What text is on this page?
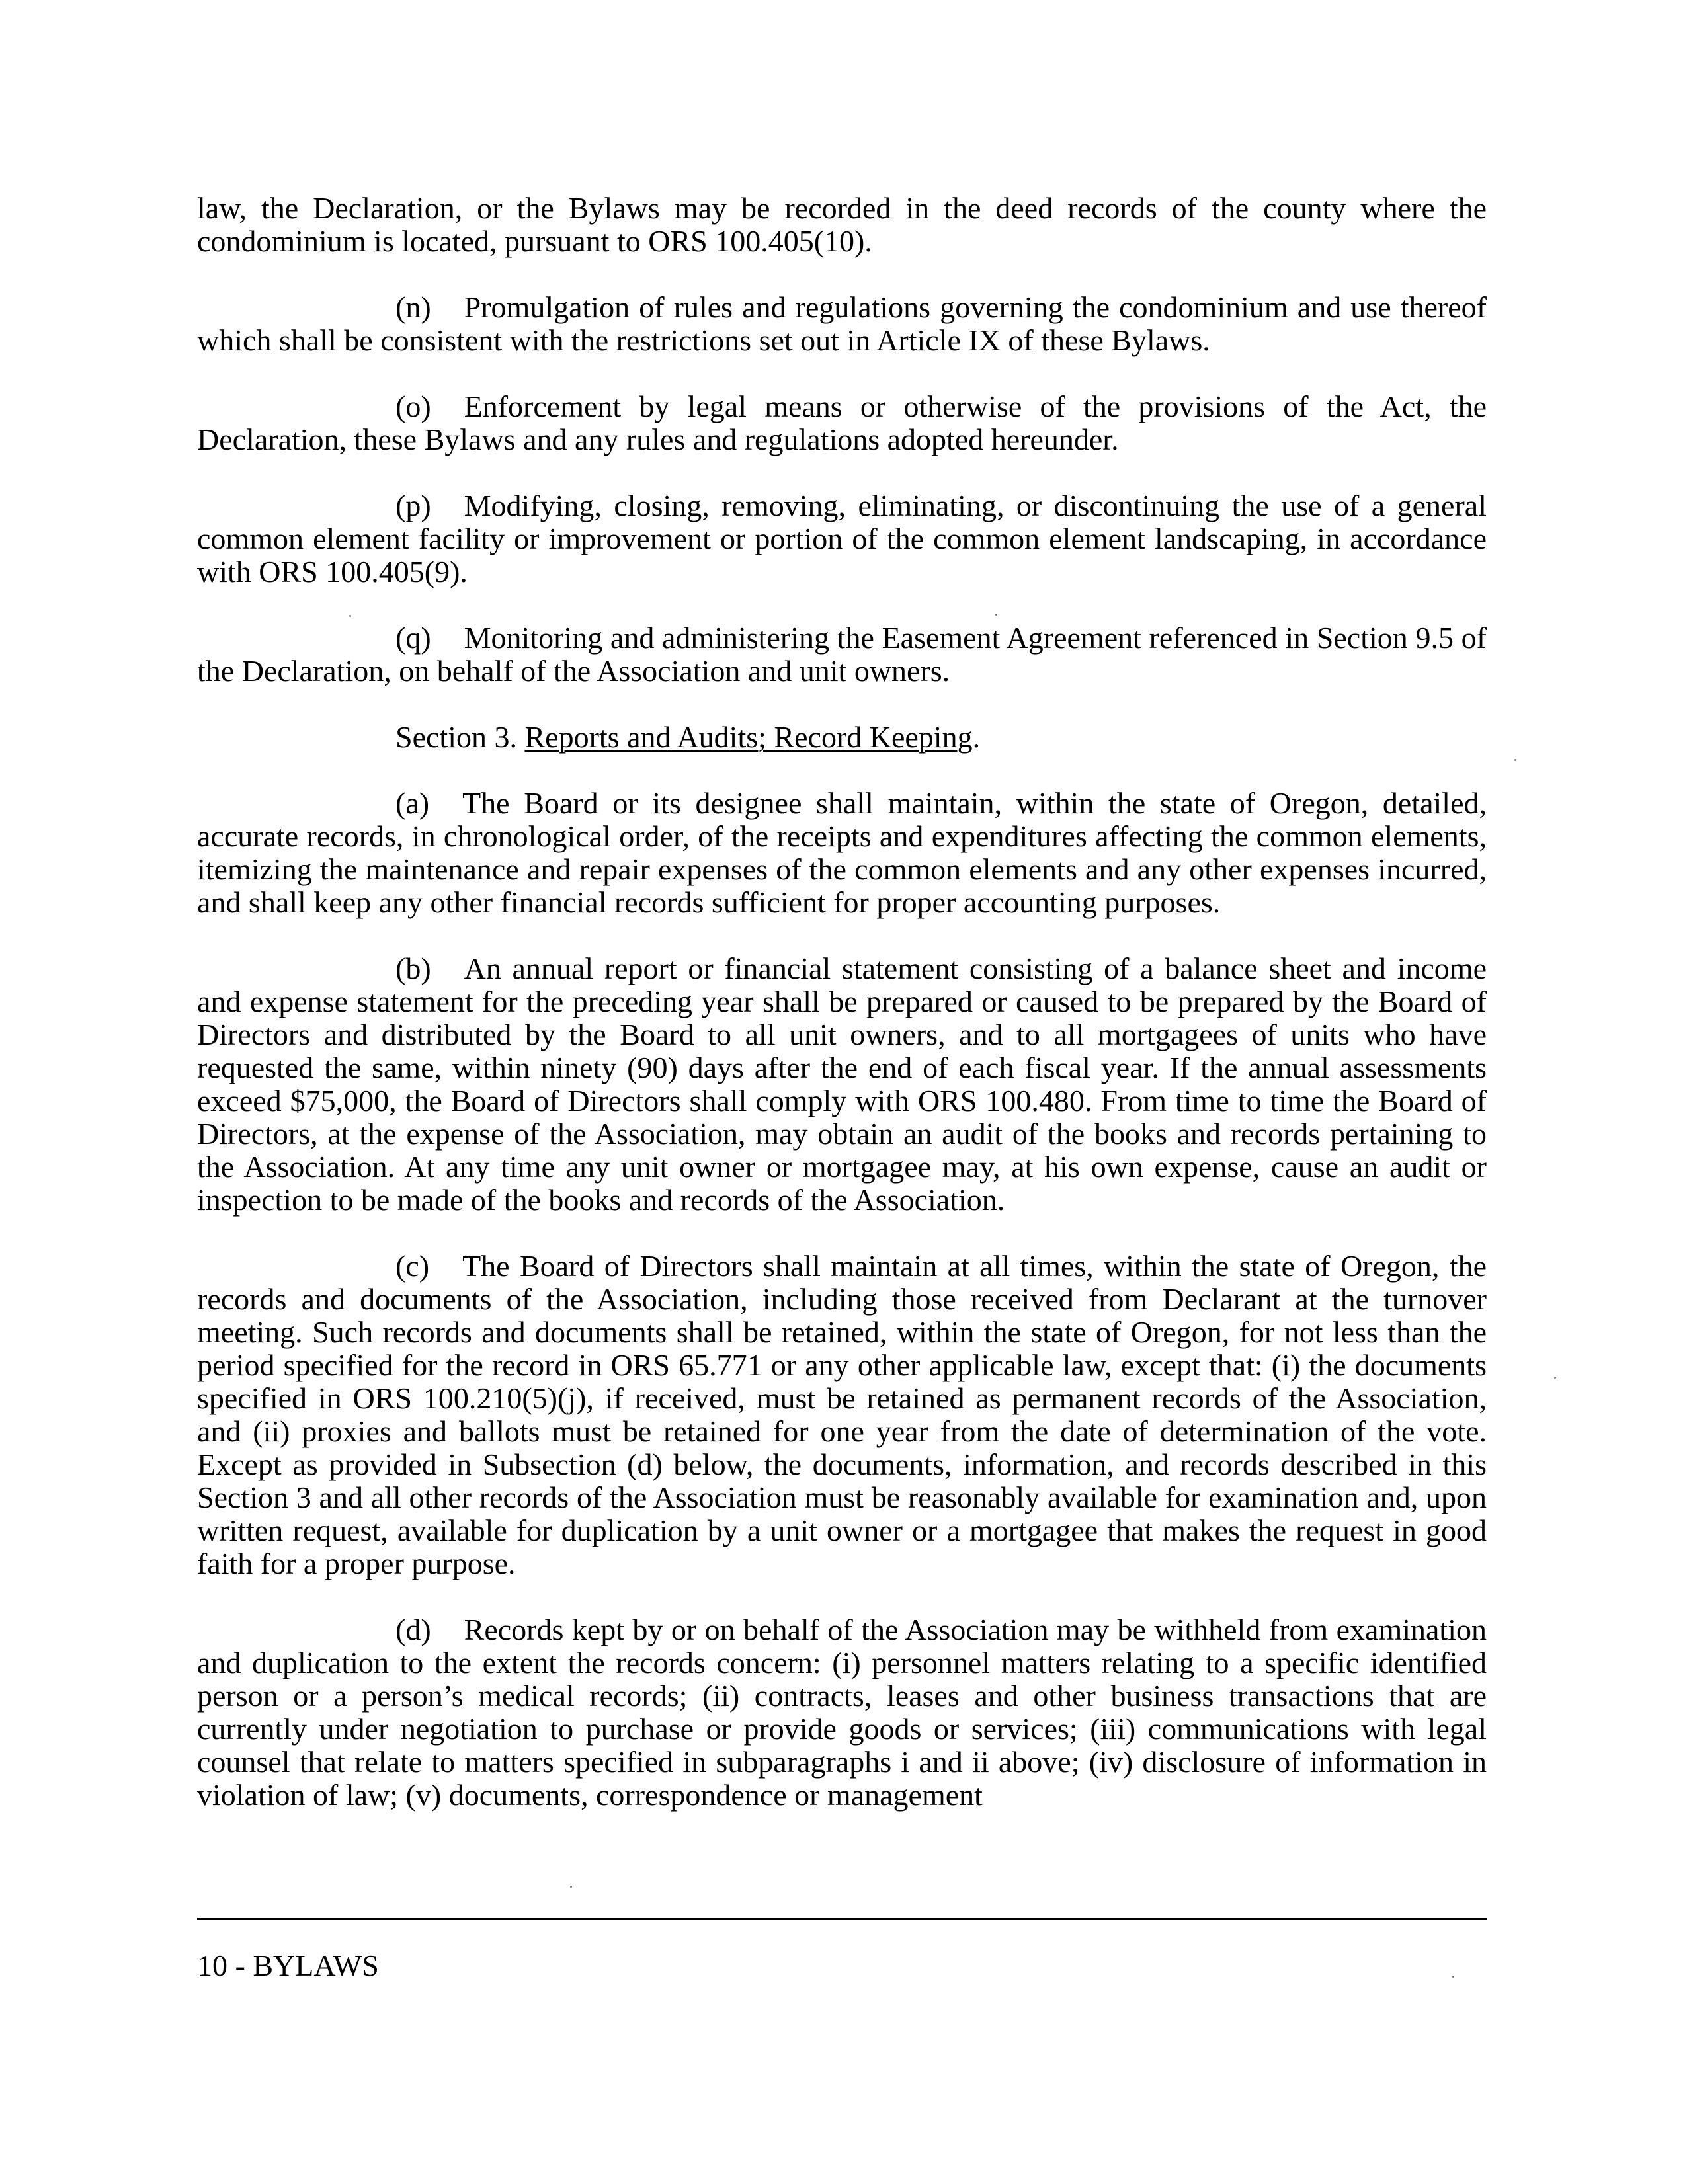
law, the Declaration, or the Bylaws may be recorded in the deed records of the county where the condominium is located, pursuant to ORS 100.405(10).

(n) Promulgation of rules and regulations governing the condominium and use thereof which shall be consistent with the restrictions set out in Article IX of these Bylaws.

(o) Enforcement by legal means or otherwise of the provisions of the Act, the Declaration, these Bylaws and any rules and regulations adopted hereunder.

(p) Modifying, closing, removing, eliminating, or discontinuing the use of a general common element facility or improvement or portion of the common element landscaping, in accordance with ORS 100.405(9).

(q) Monitoring and administering the Easement Agreement referenced in Section 9.5 of the Declaration, on behalf of the Association and unit owners.

Section 3. Reports and Audits; Record Keeping.

(a) The Board or its designee shall maintain, within the state of Oregon, detailed, accurate records, in chronological order, of the receipts and expenditures affecting the common elements, itemizing the maintenance and repair expenses of the common elements and any other expenses incurred, and shall keep any other financial records sufficient for proper accounting purposes.

(b) An annual report or financial statement consisting of a balance sheet and income and expense statement for the preceding year shall be prepared or caused to be prepared by the Board of Directors and distributed by the Board to all unit owners, and to all mortgagees of units who have requested the same, within ninety (90) days after the end of each fiscal year. If the annual assessments exceed $75,000, the Board of Directors shall comply with ORS 100.480. From time to time the Board of Directors, at the expense of the Association, may obtain an audit of the books and records pertaining to the Association. At any time any unit owner or mortgagee may, at his own expense, cause an audit or inspection to be made of the books and records of the Association.

(c) The Board of Directors shall maintain at all times, within the state of Oregon, the records and documents of the Association, including those received from Declarant at the turnover meeting. Such records and documents shall be retained, within the state of Oregon, for not less than the period specified for the record in ORS 65.771 or any other applicable law, except that: (i) the documents specified in ORS 100.210(5)(j), if received, must be retained as permanent records of the Association, and (ii) proxies and ballots must be retained for one year from the date of determination of the vote. Except as provided in Subsection (d) below, the documents, information, and records described in this Section 3 and all other records of the Association must be reasonably available for examination and, upon written request, available for duplication by a unit owner or a mortgagee that makes the request in good faith for a proper purpose.

(d) Records kept by or on behalf of the Association may be withheld from examination and duplication to the extent the records concern: (i) personnel matters relating to a specific identified person or a person’s medical records; (ii) contracts, leases and other business transactions that are currently under negotiation to purchase or provide goods or services; (iii) communications with legal counsel that relate to matters specified in subparagraphs i and ii above; (iv) disclosure of information in violation of law; (v) documents, correspondence or management

10 - BYLAWS
